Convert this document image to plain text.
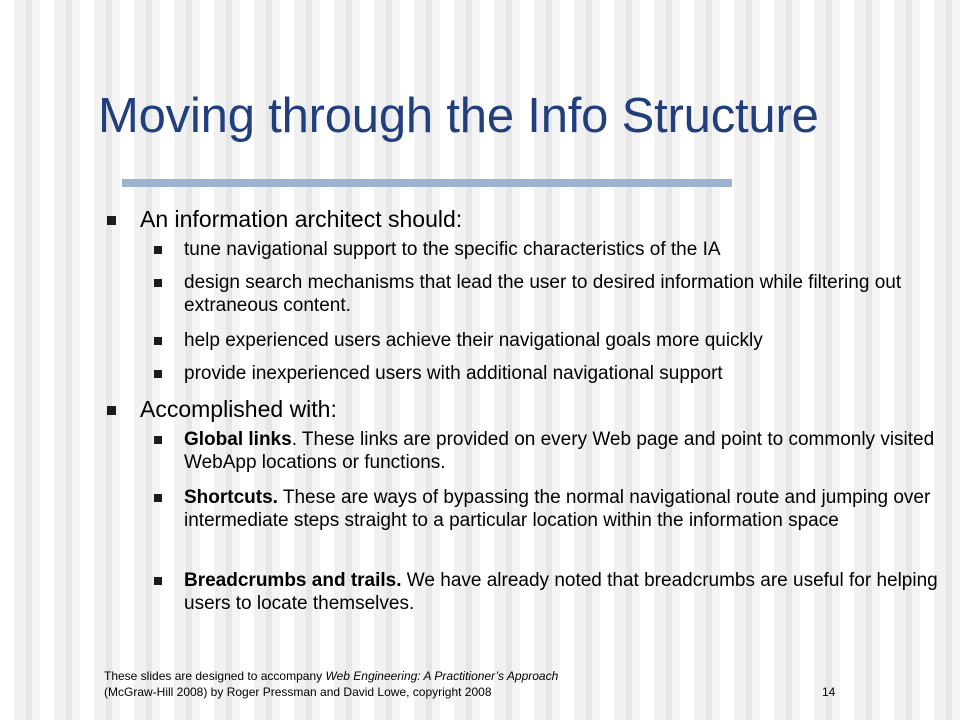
Moving through the Info Structure
An information architect should:
tune navigational support to the specific characteristics of the IA
design search mechanisms that lead the user to desired information while filtering out extraneous content.
help experienced users achieve their navigational goals more quickly
provide inexperienced users with additional navigational support
Accomplished with:
Global links. These links are provided on every Web page and point to commonly visited WebApp locations or functions.
Shortcuts. These are ways of bypassing the normal navigational route and jumping over intermediate steps straight to a particular location within the information space
Breadcrumbs and trails. We have already noted that breadcrumbs are useful for helping users to locate themselves.
These slides are designed to accompany Web Engineering: A Practitioner’s Approach
(McGraw-Hill 2008) by Roger Pressman and David Lowe, copyright 2008	14
